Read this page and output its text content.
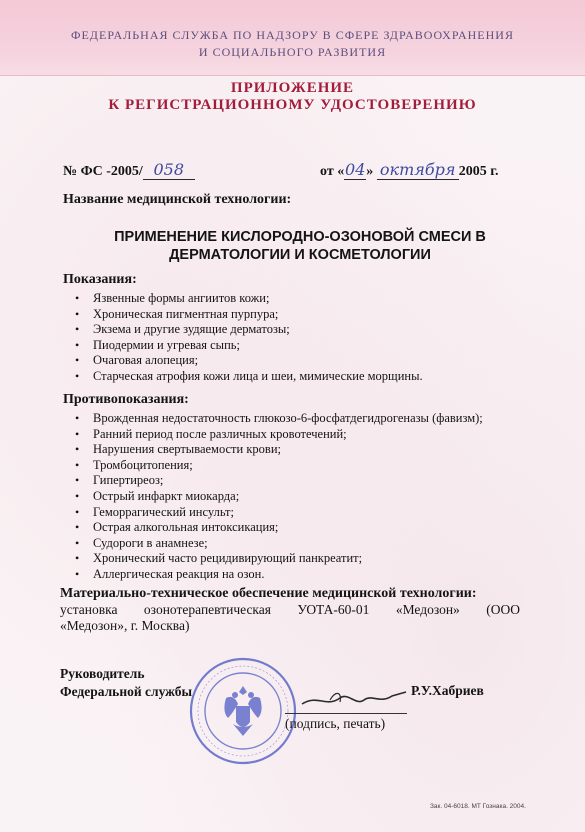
ФЕДЕРАЛЬНАЯ СЛУЖБА ПО НАДЗОРУ В СФЕРЕ ЗДРАВООХРАНЕНИЯ
И СОЦИАЛЬНОГО РАЗВИТИЯ
ПРИЛОЖЕНИЕ
К РЕГИСТРАЦИОННОМУ УДОСТОВЕРЕНИЮ
№ ФС -2005/ 058	от «04» октября 2005 г.
Название медицинской технологии:
ПРИМЕНЕНИЕ КИСЛОРОДНО-ОЗОНОВОЙ СМЕСИ В ДЕРМАТОЛОГИИ И КОСМЕТОЛОГИИ
Показания:
• Язвенные формы ангиитов кожи;
• Хроническая пигментная пурпура;
• Экзема и другие зудящие дерматозы;
• Пиодермии и угревая сыпь;
• Очаговая алопеция;
• Старческая атрофия кожи лица и шеи, мимические морщины.
Противопоказания:
• Врожденная недостаточность глюкозо-6-фосфатдегидрогеназы (фавизм);
• Ранний период после различных кровотечений;
• Нарушения свертываемости крови;
• Тромбоцитопения;
• Гипертиреоз;
• Острый инфаркт миокарда;
• Геморрагический инсульт;
• Острая алкогольная интоксикация;
• Судороги в анамнезе;
• Хронический часто рецидивирующий панкреатит;
• Аллергическая реакция на озон.
Материально-техническое обеспечение медицинской технологии:
установка озонотерапевтическая УОТА-60-01 «Медозон» (ООО
«Медозон», г. Москва)
Руководитель
Федеральной службы
(подпись, печать)
Р.У.Хабриев
Зак. 04-6018. МТ Гознака. 2004.
